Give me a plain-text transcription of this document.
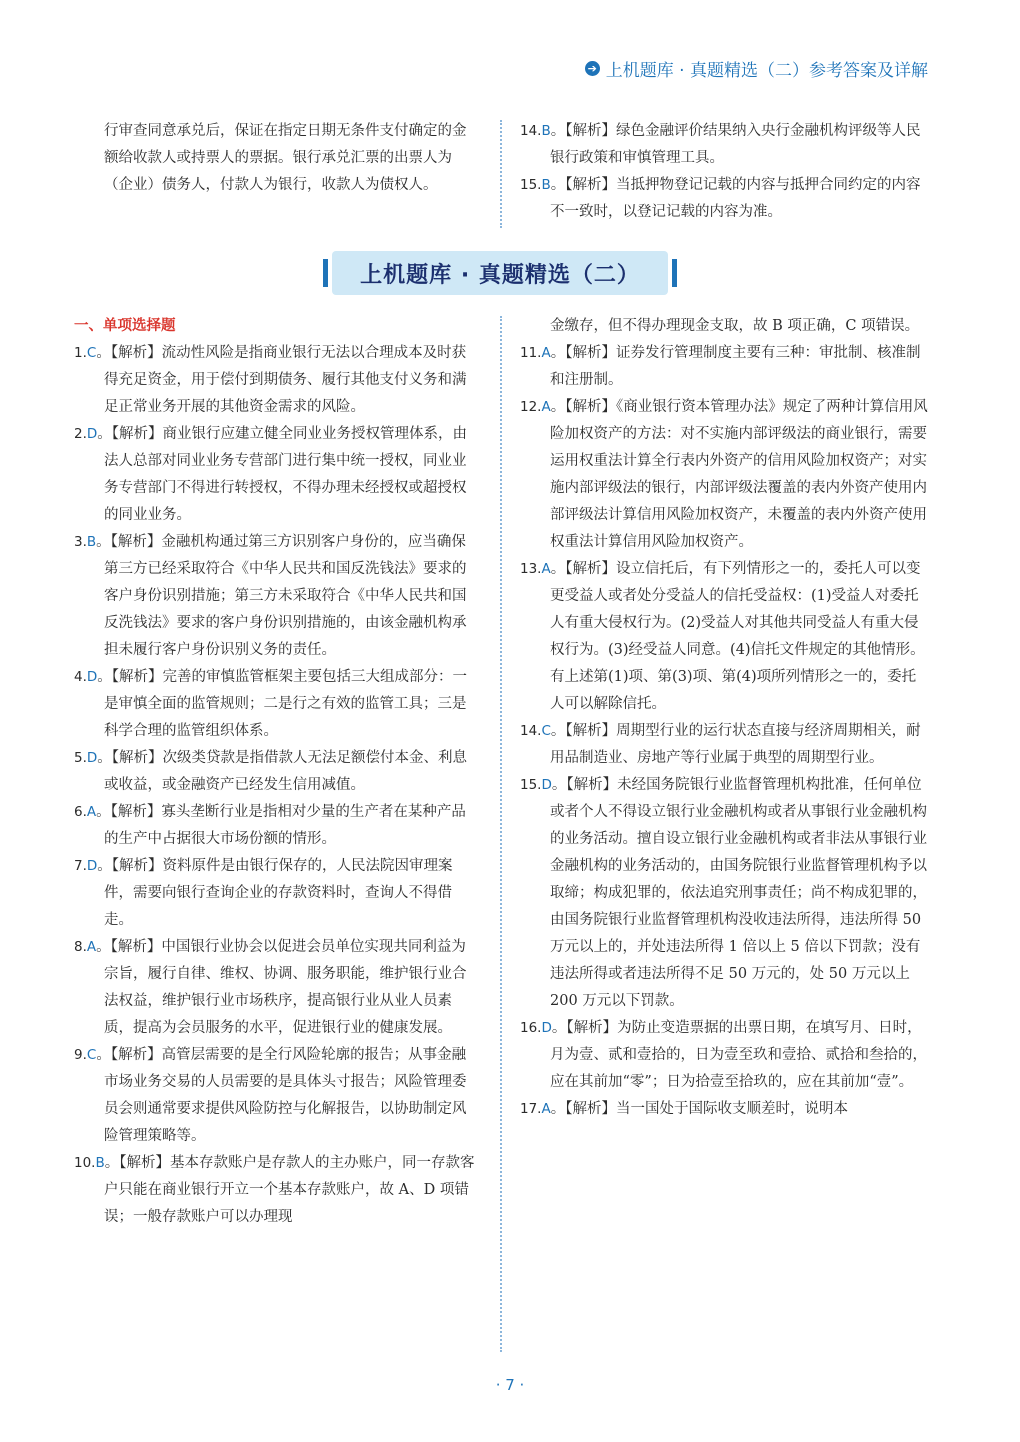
➔ 上机题库 · 真题精选（二）参考答案及详解

行审查同意承兑后，保证在指定日期无条件支付确定的金额给收款人或持票人的票据。银行承兑汇票的出票人为（企业）债务人，付款人为银行，收款人为债权人。

14.B。【解析】绿色金融评价结果纳入央行金融机构评级等人民银行政策和审慎管理工具。

15.B。【解析】当抵押物登记记载的内容与抵押合同约定的内容不一致时，以登记记载的内容为准。

上机题库 · 真题精选（二）

一、单项选择题

1.C。【解析】流动性风险是指商业银行无法以合理成本及时获得充足资金，用于偿付到期债务、履行其他支付义务和满足正常业务开展的其他资金需求的风险。

2.D。【解析】商业银行应建立健全同业业务授权管理体系，由法人总部对同业业务专营部门进行集中统一授权，同业业务专营部门不得进行转授权，不得办理未经授权或超授权的同业业务。

3.B。【解析】金融机构通过第三方识别客户身份的，应当确保第三方已经采取符合《中华人民共和国反洗钱法》要求的客户身份识别措施；第三方未采取符合《中华人民共和国反洗钱法》要求的客户身份识别措施的，由该金融机构承担未履行客户身份识别义务的责任。

4.D。【解析】完善的审慎监管框架主要包括三大组成部分：一是审慎全面的监管规则；二是行之有效的监管工具；三是科学合理的监管组织体系。

5.D。【解析】次级类贷款是指借款人无法足额偿付本金、利息或收益，或金融资产已经发生信用减值。

6.A。【解析】寡头垄断行业是指相对少量的生产者在某种产品的生产中占据很大市场份额的情形。

7.D。【解析】资料原件是由银行保存的，人民法院因审理案件，需要向银行查询企业的存款资料时，查询人不得借走。

8.A。【解析】中国银行业协会以促进会员单位实现共同利益为宗旨，履行自律、维权、协调、服务职能，维护银行业合法权益，维护银行业市场秩序，提高银行业从业人员素质，提高为会员服务的水平，促进银行业的健康发展。

9.C。【解析】高管层需要的是全行风险轮廓的报告；从事金融市场业务交易的人员需要的是具体头寸报告；风险管理委员会则通常要求提供风险防控与化解报告，以协助制定风险管理策略等。

10.B。【解析】基本存款账户是存款人的主办账户，同一存款客户只能在商业银行开立一个基本存款账户，故 A、D 项错误；一般存款账户可以办理现

金缴存，但不得办理现金支取，故 B 项正确，C 项错误。

11.A。【解析】证券发行管理制度主要有三种：审批制、核准制和注册制。

12.A。【解析】《商业银行资本管理办法》规定了两种计算信用风险加权资产的方法：对不实施内部评级法的商业银行，需要运用权重法计算全行表内外资产的信用风险加权资产；对实施内部评级法的银行，内部评级法覆盖的表内外资产使用内部评级法计算信用风险加权资产，未覆盖的表内外资产使用权重法计算信用风险加权资产。

13.A。【解析】设立信托后，有下列情形之一的，委托人可以变更受益人或者处分受益人的信托受益权：(1)受益人对委托人有重大侵权行为。(2)受益人对其他共同受益人有重大侵权行为。(3)经受益人同意。(4)信托文件规定的其他情形。有上述第(1)项、第(3)项、第(4)项所列情形之一的，委托人可以解除信托。

14.C。【解析】周期型行业的运行状态直接与经济周期相关，耐用品制造业、房地产等行业属于典型的周期型行业。

15.D。【解析】未经国务院银行业监督管理机构批准，任何单位或者个人不得设立银行业金融机构或者从事银行业金融机构的业务活动。擅自设立银行业金融机构或者非法从事银行业金融机构的业务活动的，由国务院银行业监督管理机构予以取缔；构成犯罪的，依法追究刑事责任；尚不构成犯罪的，由国务院银行业监督管理机构没收违法所得，违法所得 50 万元以上的，并处违法所得 1 倍以上 5 倍以下罚款；没有违法所得或者违法所得不足 50 万元的，处 50 万元以上 200 万元以下罚款。

16.D。【解析】为防止变造票据的出票日期，在填写月、日时，月为壹、贰和壹拾的，日为壹至玖和壹拾、贰拾和叁拾的，应在其前加“零”；日为拾壹至拾玖的，应在其前加“壹”。

17.A。【解析】当一国处于国际收支顺差时，说明本

· 7 ·
